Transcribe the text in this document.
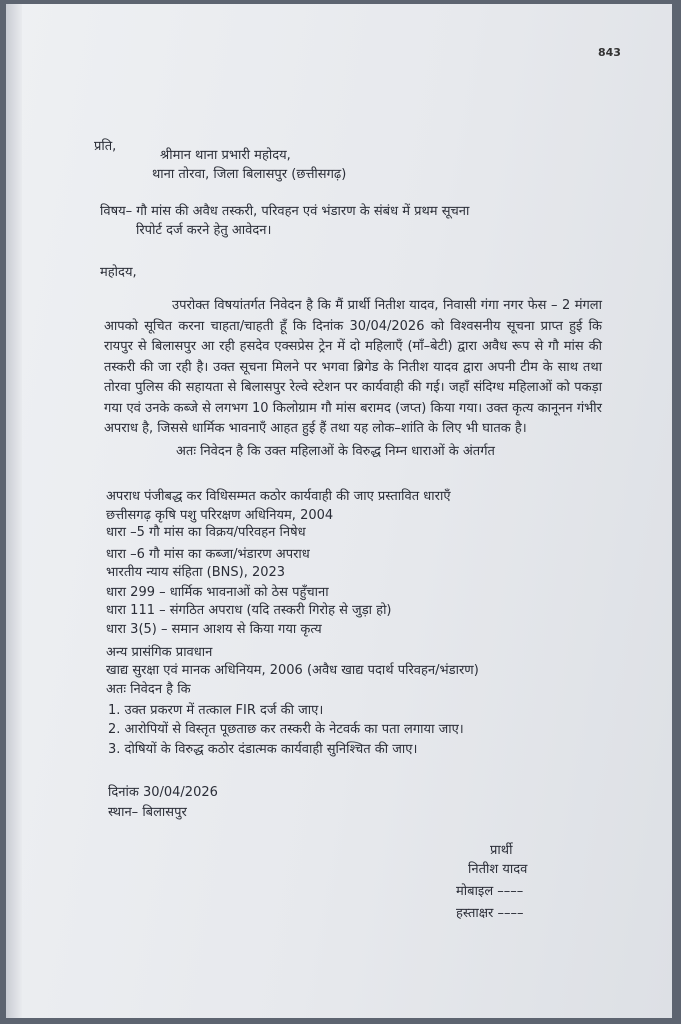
843
प्रति,
श्रीमान थाना प्रभारी महोदय,
थाना तोरवा, जिला बिलासपुर (छत्तीसगढ़)
विषय– गौ मांस की अवैध तस्करी, परिवहन एवं भंडारण के संबंध में प्रथम सूचना
रिपोर्ट दर्ज करने हेतु आवेदन।
महोदय,
उपरोक्त विषयांतर्गत निवेदन है कि मैं प्रार्थी नितीश यादव, निवासी गंगा नगर फेस – 2 मंगला आपको सूचित करना चाहता/चाहती हूँ कि दिनांक 30/04/2026 को विश्वसनीय सूचना प्राप्त हुई कि रायपुर से बिलासपुर आ रही हसदेव एक्सप्रेस ट्रेन में दो महिलाएँ (माँ–बेटी) द्वारा अवैध रूप से गौ मांस की तस्करी की जा रही है। उक्त सूचना मिलने पर भगवा ब्रिगेड के नितीश यादव द्वारा अपनी टीम के साथ तथा तोरवा पुलिस की सहायता से बिलासपुर रेल्वे स्टेशन पर कार्यवाही की गई। जहाँ संदिग्ध महिलाओं को पकड़ा गया एवं उनके कब्जे से लगभग 10 किलोग्राम गौ मांस बरामद (जप्त) किया गया। उक्त कृत्य कानूनन गंभीर अपराध है, जिससे धार्मिक भावनाएँ आहत हुई हैं तथा यह लोक–शांति के लिए भी घातक है।
अतः निवेदन है कि उक्त महिलाओं के विरुद्ध निम्न धाराओं के अंतर्गत
अपराध पंजीबद्ध कर विधिसम्मत कठोर कार्यवाही की जाए प्रस्तावित धाराएँ
छत्तीसगढ़ कृषि पशु परिरक्षण अधिनियम, 2004
धारा –5 गौ मांस का विक्रय/परिवहन निषेध
धारा –6 गौ मांस का कब्जा/भंडारण अपराध
भारतीय न्याय संहिता (BNS), 2023
धारा 299 – धार्मिक भावनाओं को ठेस पहुँचाना
धारा 111 – संगठित अपराध (यदि तस्करी गिरोह से जुड़ा हो)
धारा 3(5) – समान आशय से किया गया कृत्य
अन्य प्रासंगिक प्रावधान
खाद्य सुरक्षा एवं मानक अधिनियम, 2006 (अवैध खाद्य पदार्थ परिवहन/भंडारण)
अतः निवेदन है कि
1. उक्त प्रकरण में तत्काल FIR दर्ज की जाए।
2. आरोपियों से विस्तृत पूछताछ कर तस्करी के नेटवर्क का पता लगाया जाए।
3. दोषियों के विरुद्ध कठोर दंडात्मक कार्यवाही सुनिश्चित की जाए।
दिनांक 30/04/2026
स्थान– बिलासपुर
प्रार्थी
नितीश यादव
मोबाइल ––––
हस्ताक्षर ––––
